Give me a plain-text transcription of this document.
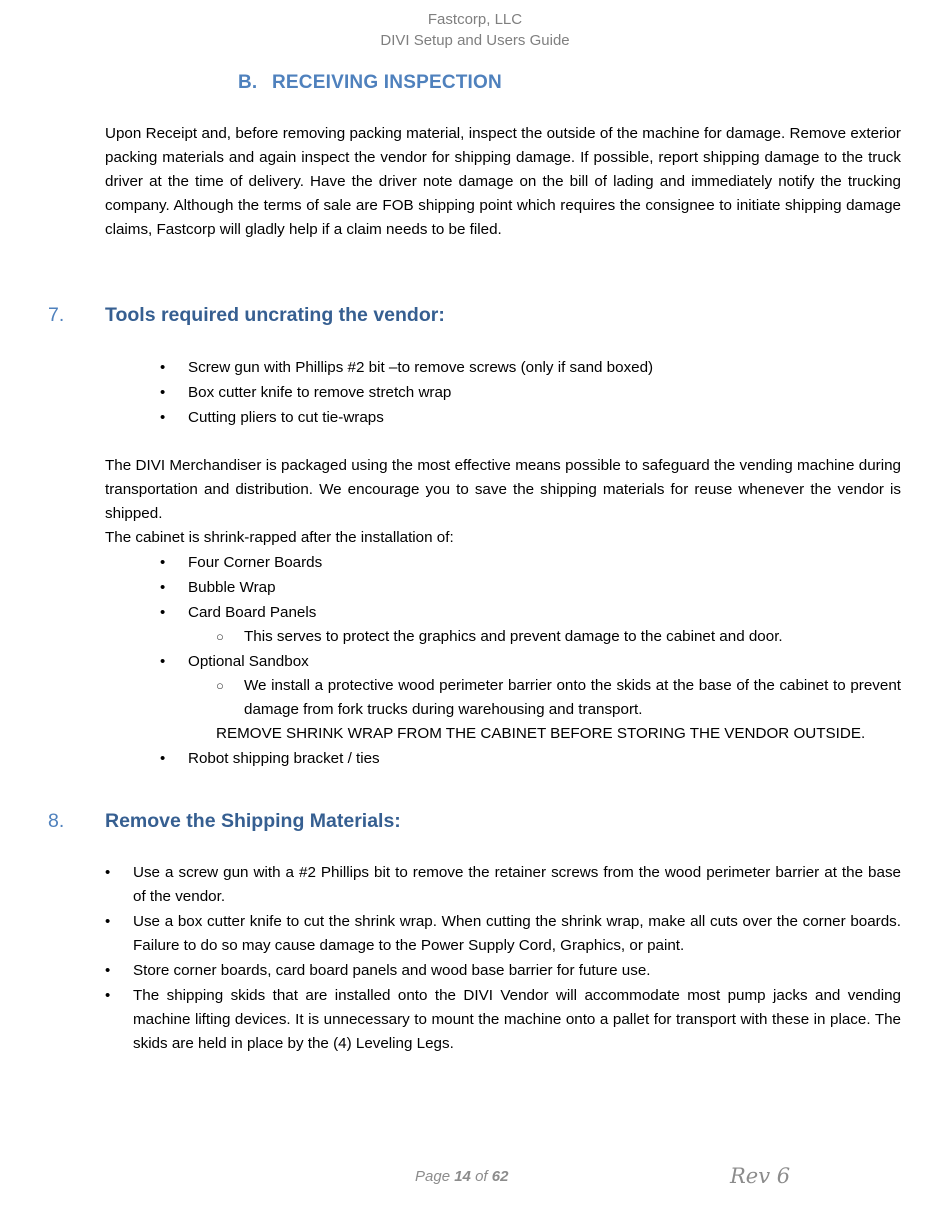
Fastcorp, LLC
DIVI Setup and Users Guide
B. RECEIVING INSPECTION
Upon Receipt and, before removing packing material, inspect the outside of the machine for damage. Remove exterior packing materials and again inspect the vendor for shipping damage. If possible, report shipping damage to the truck driver at the time of delivery. Have the driver note damage on the bill of lading and immediately notify the trucking company. Although the terms of sale are FOB shipping point which requires the consignee to initiate shipping damage claims, Fastcorp will gladly help if a claim needs to be filed.
7. Tools required uncrating the vendor:
• Screw gun with Phillips #2 bit –to remove screws (only if sand boxed)
• Box cutter knife to remove stretch wrap
• Cutting pliers to cut tie-wraps
The DIVI Merchandiser is packaged using the most effective means possible to safeguard the vending machine during transportation and distribution. We encourage you to save the shipping materials for reuse whenever the vendor is shipped.
The cabinet is shrink-rapped after the installation of:
• Four Corner Boards
• Bubble Wrap
• Card Board Panels
○ This serves to protect the graphics and prevent damage to the cabinet and door.
• Optional Sandbox
○ We install a protective wood perimeter barrier onto the skids at the base of the cabinet to prevent damage from fork trucks during warehousing and transport.
REMOVE SHRINK WRAP FROM THE CABINET BEFORE STORING THE VENDOR OUTSIDE.
• Robot shipping bracket / ties
8. Remove the Shipping Materials:
• Use a screw gun with a #2 Phillips bit to remove the retainer screws from the wood perimeter barrier at the base of the vendor.
• Use a box cutter knife to cut the shrink wrap. When cutting the shrink wrap, make all cuts over the corner boards. Failure to do so may cause damage to the Power Supply Cord, Graphics, or paint.
• Store corner boards, card board panels and wood base barrier for future use.
• The shipping skids that are installed onto the DIVI Vendor will accommodate most pump jacks and vending machine lifting devices. It is unnecessary to mount the machine onto a pallet for transport with these in place. The skids are held in place by the (4) Leveling Legs.
Page 14 of 62	Rev 6
